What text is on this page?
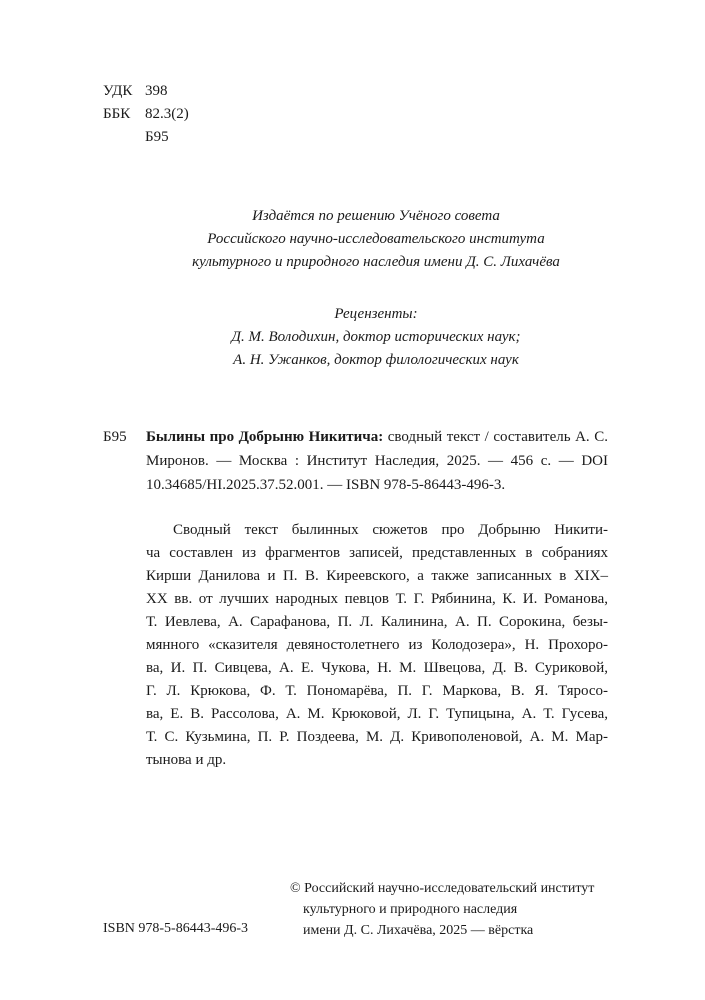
УДК 398
ББК 82.3(2)
Б95
Издаётся по решению Учёного совета
Российского научно-исследовательского института
культурного и природного наследия имени Д. С. Лихачёва
Рецензенты:
Д. М. Володихин, доктор исторических наук;
А. Н. Ужанков, доктор филологических наук
Б95 Былины про Добрыню Никитича: сводный текст / составитель А. С. Миронов. — Москва : Институт Наследия, 2025. — 456 с. — DOI 10.34685/HI.2025.37.52.001. — ISBN 978-5-86443-496-3.
Сводный текст былинных сюжетов про Добрыню Никити-
ча составлен из фрагментов записей, представленных в собраниях
Кирши Данилова и П. В. Киреевского, а также записанных в XIX–
XX вв. от лучших народных певцов Т. Г. Рябинина, К. И. Романова,
Т. Иевлева, А. Сарафанова, П. Л. Калинина, А. П. Сорокина, безы-
мянного «сказителя девяностолетнего из Колодозера», Н. Прохоро-
ва, И. П. Сивцева, А. Е. Чукова, Н. М. Швецова, Д. В. Суриковой,
Г. Л. Крюкова, Ф. Т. Пономарёва, П. Г. Маркова, В. Я. Тяросо-
ва, Е. В. Рассолова, А. М. Крюковой, Л. Г. Тупицына, А. Т. Гусева,
Т. С. Кузьмина, П. Р. Поздеева, М. Д. Кривополеновой, А. М. Мар-
тынова и др.
© Российский научно-исследовательский институт
культурного и природного наследия
имени Д. С. Лихачёва, 2025 — вёрстка
ISBN 978-5-86443-496-3
